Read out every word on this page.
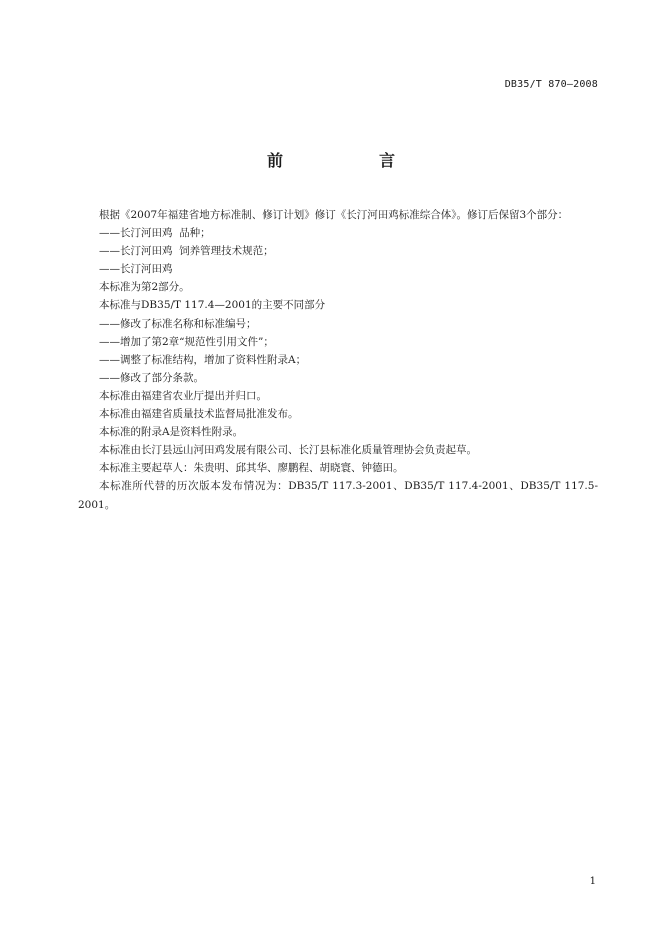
DB35/T 870—2008
前　言

根据《2007年福建省地方标准制、修订计划》修订《长汀河田鸡标准综合体》。修订后保留3个部分：

——长汀河田鸡  品种；

——长汀河田鸡  饲养管理技术规范；

——长汀河田鸡

本标准为第2部分。

本标准与DB35/T 117.4—2001的主要不同部分

——修改了标准名称和标准编号；

——增加了第2章“规范性引用文件”；

——调整了标准结构，增加了资料性附录A；

——修改了部分条款。

本标准由福建省农业厅提出并归口。

本标准由福建省质量技术监督局批准发布。

本标准的附录A是资料性附录。

本标准由长汀县远山河田鸡发展有限公司、长汀县标准化质量管理协会负责起草。

本标准主要起草人：朱贵明、邱其华、廖鹏程、胡晓寰、钟德田。

本标准所代替的历次版本发布情况为：DB35/T 117.3-2001、DB35/T 117.4-2001、DB35/T 117.5-2001。

1
